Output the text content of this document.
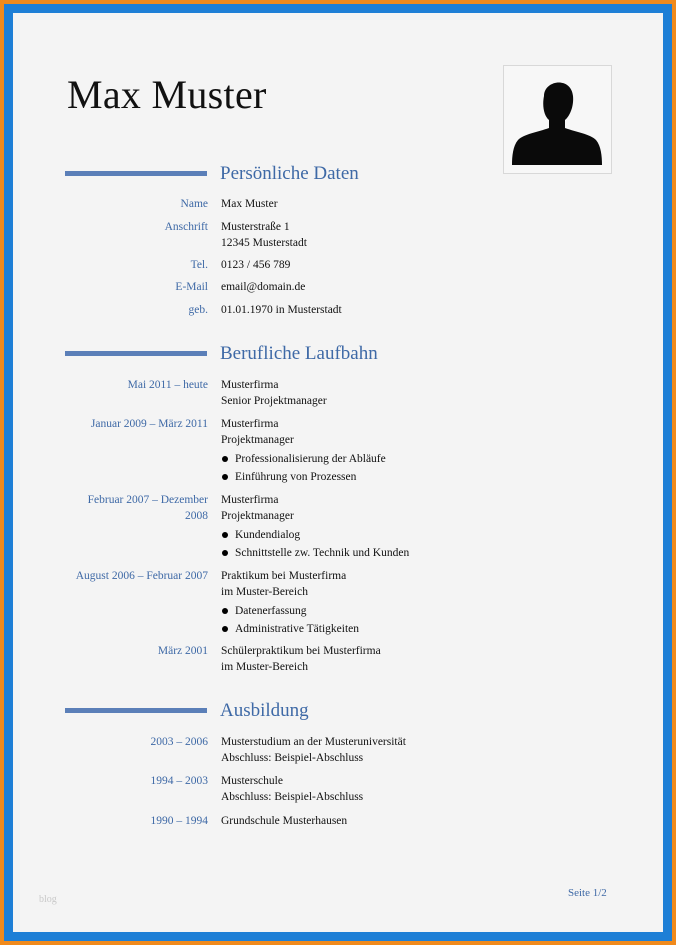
Max Muster
Persönliche Daten
Name Max Muster
Anschrift Musterstraße 1
12345 Musterstadt
Tel. 0123 / 456 789
E-Mail email@domain.de
geb. 01.01.1970 in Musterstadt
Berufliche Laufbahn
Mai 2011 – heute Musterfirma
Senior Projektmanager
Januar 2009 – März 2011 Musterfirma
Projektmanager
Professionalisierung der Abläufe
Einführung von Prozessen
Februar 2007 – Dezember 2008
Musterfirma
Projektmanager
Kundendialog
Schnittstelle zw. Technik und Kunden
August 2006 – Februar 2007 Praktikum bei Musterfirma
im Muster-Bereich
Datenerfassung
Administrative Tätigkeiten
März 2001 Schülerpraktikum bei Musterfirma
im Muster-Bereich
Ausbildung
2003 – 2006 Musterstudium an der Musteruniversität
Abschluss: Beispiel-Abschluss
1994 – 2003 Musterschule
Abschluss: Beispiel-Abschluss
1990 – 1994 Grundschule Musterhausen
blog
Seite 1/2
